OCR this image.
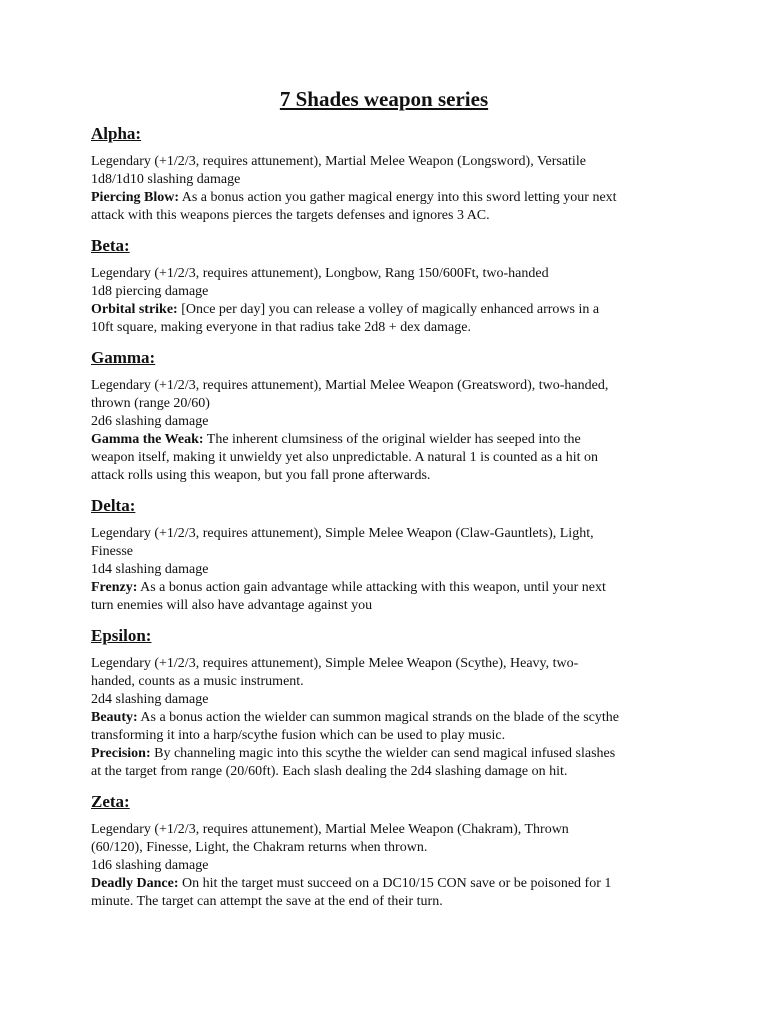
7 Shades weapon series
Alpha:

Legendary (+1/2/3, requires attunement), Martial Melee Weapon (Longsword), Versatile

1d8/1d10 slashing damage

Piercing Blow: As a bonus action you gather magical energy into this sword letting your next

attack with this weapons pierces the targets defenses and ignores 3 AC.

Beta:

Legendary (+1/2/3, requires attunement), Longbow, Rang 150/600Ft, two-handed

1d8 piercing damage

Orbital strike: [Once per day] you can release a volley of magically enhanced arrows in a

10ft square, making everyone in that radius take 2d8 + dex damage.

Gamma:

Legendary (+1/2/3, requires attunement), Martial Melee Weapon (Greatsword), two-handed,

thrown (range 20/60)

2d6 slashing damage

Gamma the Weak: The inherent clumsiness of the original wielder has seeped into the

weapon itself, making it unwieldy yet also unpredictable. A natural 1 is counted as a hit on

attack rolls using this weapon, but you fall prone afterwards.

Delta:

Legendary (+1/2/3, requires attunement), Simple Melee Weapon (Claw-Gauntlets), Light,

Finesse

1d4 slashing damage

Frenzy: As a bonus action gain advantage while attacking with this weapon, until your next

turn enemies will also have advantage against you

Epsilon:

Legendary (+1/2/3, requires attunement), Simple Melee Weapon (Scythe), Heavy, two-

handed, counts as a music instrument.

2d4 slashing damage

Beauty: As a bonus action the wielder can summon magical strands on the blade of the scythe

transforming it into a harp/scythe fusion which can be used to play music.

Precision: By channeling magic into this scythe the wielder can send magical infused slashes

at the target from range (20/60ft). Each slash dealing the 2d4 slashing damage on hit.

Zeta:

Legendary (+1/2/3, requires attunement), Martial Melee Weapon (Chakram), Thrown

(60/120), Finesse, Light, the Chakram returns when thrown.

1d6 slashing damage

Deadly Dance: On hit the target must succeed on a DC10/15 CON save or be poisoned for 1

minute. The target can attempt the save at the end of their turn.
